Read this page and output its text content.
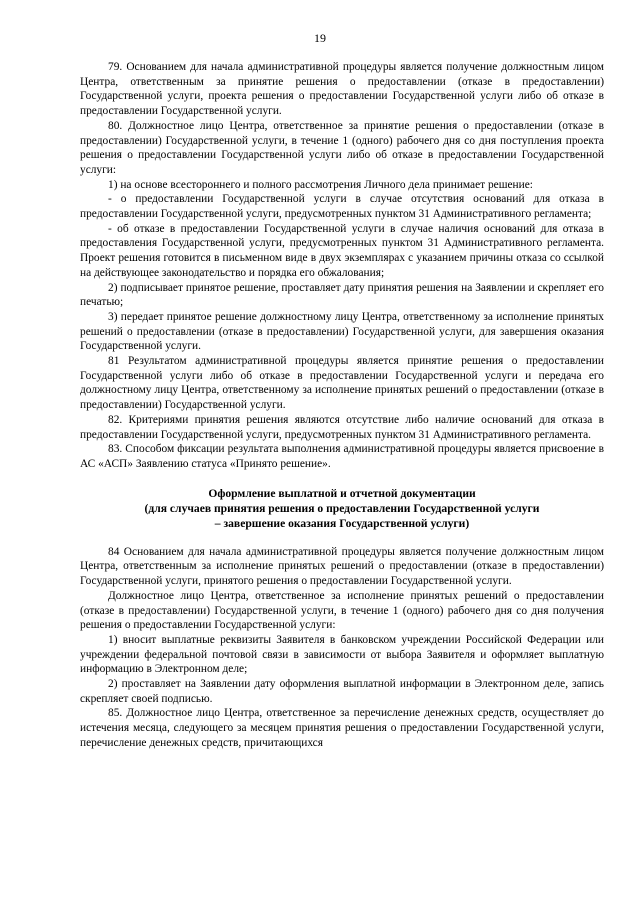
19

79. Основанием для начала административной процедуры является получение должностным лицом Центра, ответственным за принятие решения о предоставлении (отказе в предоставлении) Государственной услуги, проекта решения о предоставлении Государственной услуги либо об отказе в предоставлении Государственной услуги.

80. Должностное лицо Центра, ответственное за принятие решения о предоставлении (отказе в предоставлении) Государственной услуги, в течение 1 (одного) рабочего дня со дня поступления проекта решения о предоставлении Государственной услуги либо об отказе в предоставлении Государственной услуги:

1) на основе всестороннего и полного рассмотрения Личного дела принимает решение:

- о предоставлении Государственной услуги в случае отсутствия оснований для отказа в предоставлении Государственной услуги, предусмотренных пунктом 31 Административного регламента;

- об отказе в предоставлении Государственной услуги в случае наличия оснований для отказа в предоставления Государственной услуги, предусмотренных пунктом 31 Административного регламента. Проект решения готовится в письменном виде в двух экземплярах с указанием причины отказа со ссылкой на действующее законодательство и порядка его обжалования;

2) подписывает принятое решение, проставляет дату принятия решения на Заявлении и скрепляет его печатью;

3) передает принятое решение должностному лицу Центра, ответственному за исполнение принятых решений о предоставлении (отказе в предоставлении) Государственной услуги, для завершения оказания Государственной услуги.

81 Результатом административной процедуры является принятие решения о предоставлении Государственной услуги либо об отказе в предоставлении Государственной услуги и передача его должностному лицу Центра, ответственному за исполнение принятых решений о предоставлении (отказе в предоставлении) Государственной услуги.

82. Критериями принятия решения являются отсутствие либо наличие оснований для отказа в предоставлении Государственной услуги, предусмотренных пунктом 31 Административного регламента.

83. Способом фиксации результата выполнения административной процедуры является присвоение в АС «АСП» Заявлению статуса «Принято решение».

Оформление выплатной и отчетной документации

(для случаев принятия решения о предоставлении Государственной услуги

– завершение оказания Государственной услуги)

84 Основанием для начала административной процедуры является получение должностным лицом Центра, ответственным за исполнение принятых решений о предоставлении (отказе в предоставлении) Государственной услуги, принятого решения о предоставлении Государственной услуги.

Должностное лицо Центра, ответственное за исполнение принятых решений о предоставлении (отказе в предоставлении) Государственной услуги, в течение 1 (одного) рабочего дня со дня получения решения о предоставлении Государственной услуги:

1) вносит выплатные реквизиты Заявителя в банковском учреждении Российской Федерации или учреждении федеральной почтовой связи в зависимости от выбора Заявителя и оформляет выплатную информацию в Электронном деле;

2) проставляет на Заявлении дату оформления выплатной информации в Электронном деле, запись скрепляет своей подписью.

85. Должностное лицо Центра, ответственное за перечисление денежных средств, осуществляет до истечения месяца, следующего за месяцем принятия решения о предоставлении Государственной услуги, перечисление денежных средств, причитающихся
